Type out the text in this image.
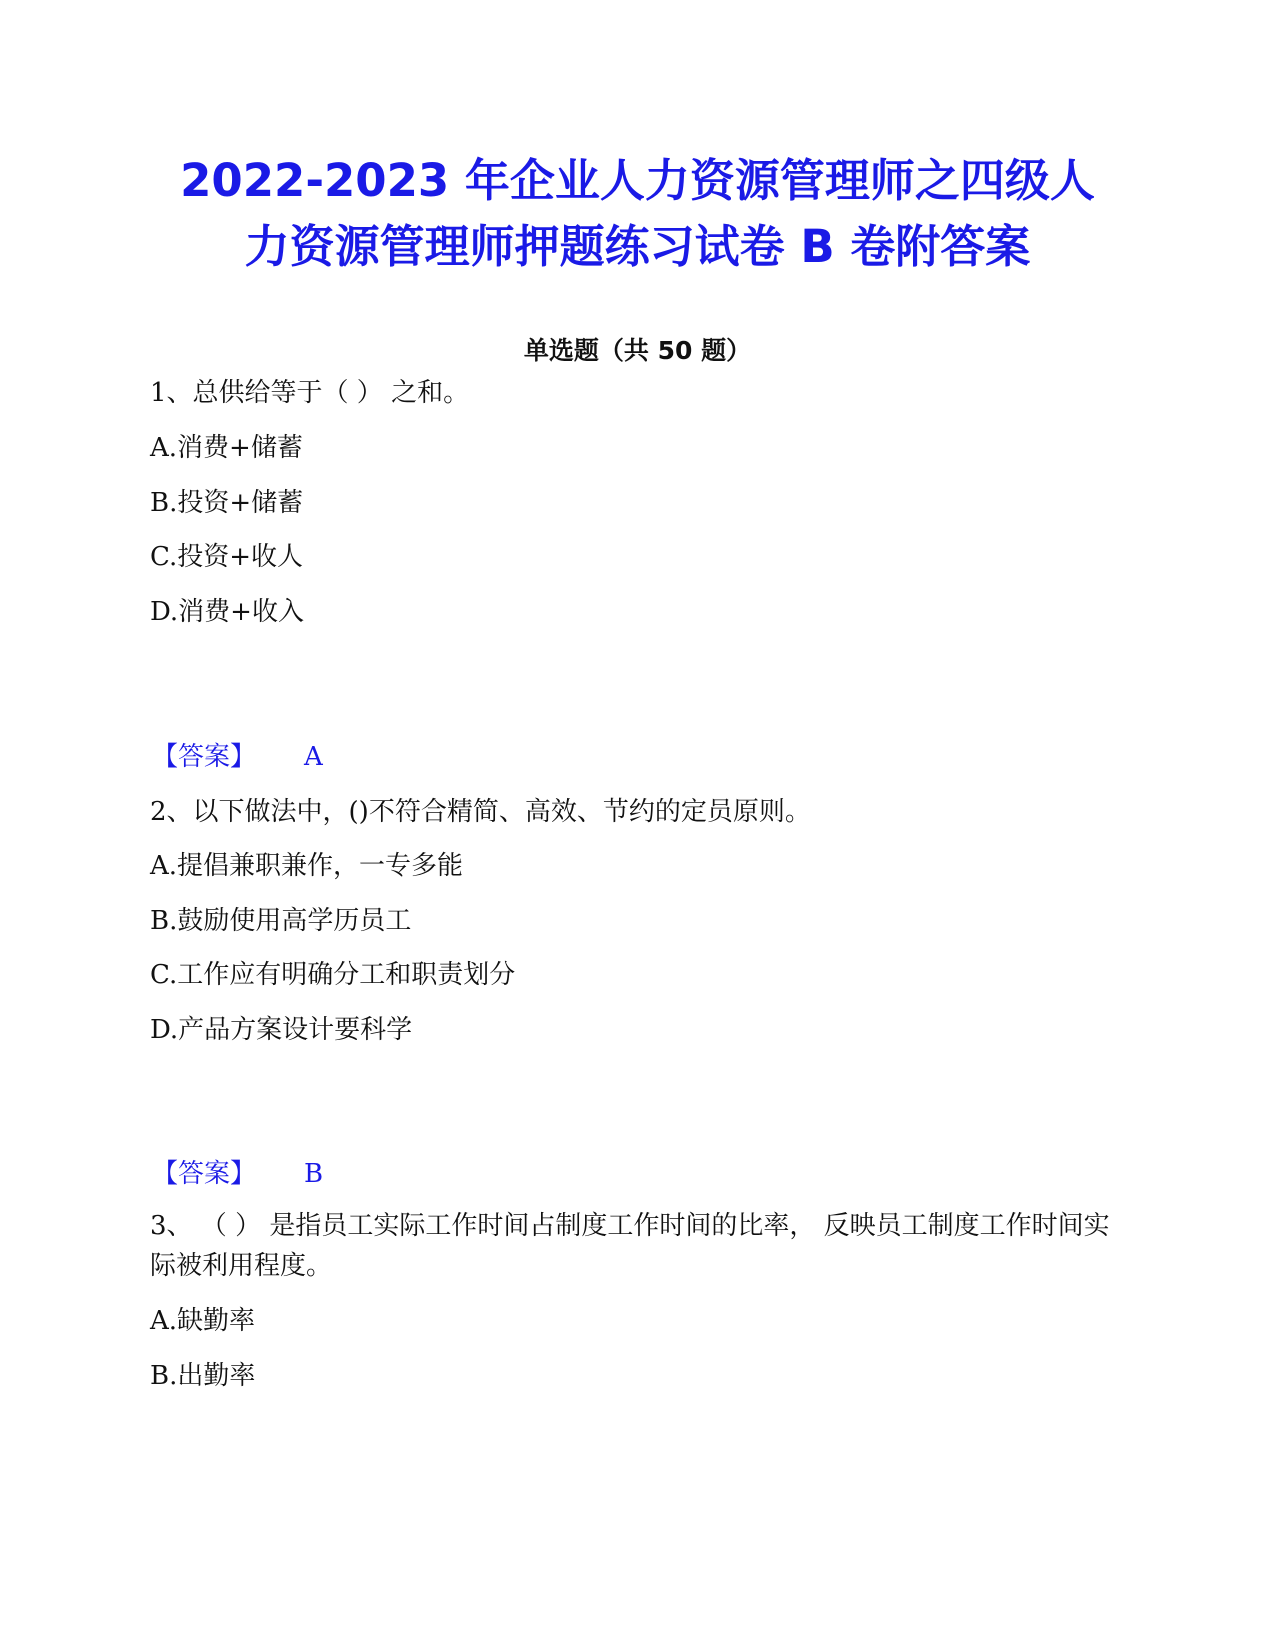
2022-2023 年企业人力资源管理师之四级人
力资源管理师押题练习试卷 B 卷附答案
单选题（共 50 题）
1、总供给等于（ ） 之和。
A.消费+储蓄
B.投资+储蓄
C.投资+收人
D.消费+收入
【答案】 A
2、以下做法中，()不符合精简、高效、节约的定员原则。
A.提倡兼职兼作，一专多能
B.鼓励使用高学历员工
C.工作应有明确分工和职责划分
D.产品方案设计要科学
【答案】 B
3、 （ ） 是指员工实际工作时间占制度工作时间的比率， 反映员工制度工作时间实际被利用程度。
A.缺勤率
B.出勤率
